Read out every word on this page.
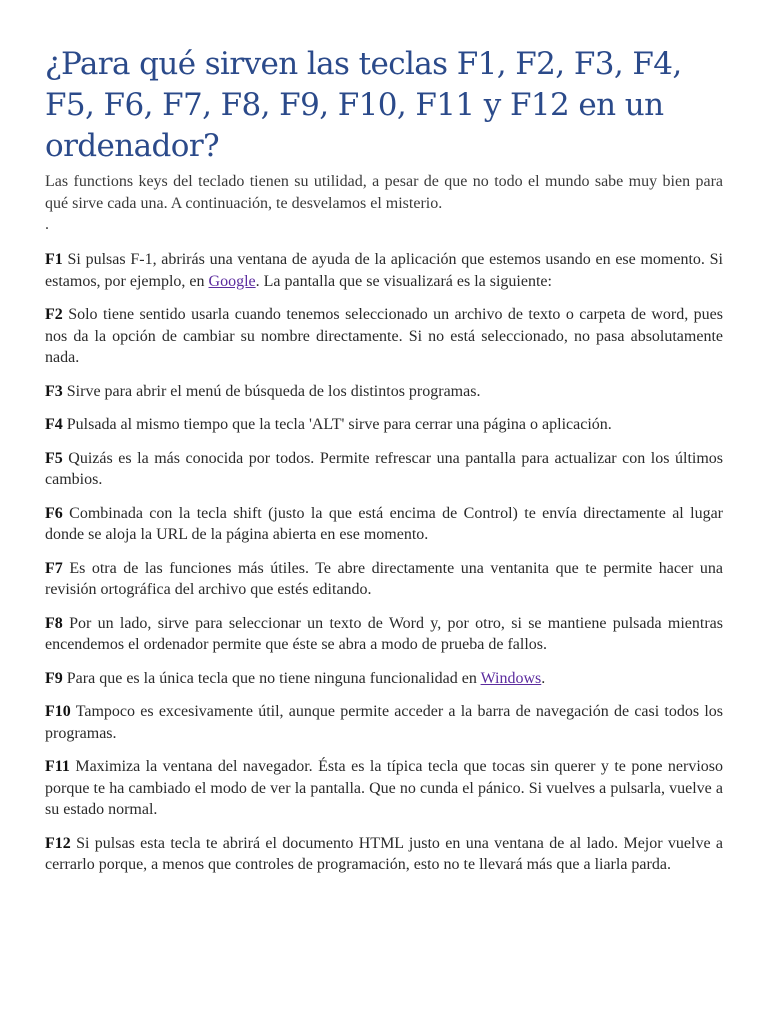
¿Para qué sirven las teclas F1, F2, F3, F4, F5, F6, F7, F8, F9, F10, F11 y F12 en un ordenador?

Las functions keys del teclado tienen su utilidad, a pesar de que no todo el mundo sabe muy bien para qué sirve cada una. A continuación, te desvelamos el misterio.

.

F1 Si pulsas F-1, abrirás una ventana de ayuda de la aplicación que estemos usando en ese momento. Si estamos, por ejemplo, en Google. La pantalla que se visualizará es la siguiente:

F2 Solo tiene sentido usarla cuando tenemos seleccionado un archivo de texto o carpeta de word, pues nos da la opción de cambiar su nombre directamente. Si no está seleccionado, no pasa absolutamente nada.

F3 Sirve para abrir el menú de búsqueda de los distintos programas.

F4 Pulsada al mismo tiempo que la tecla 'ALT' sirve para cerrar una página o aplicación.

F5 Quizás es la más conocida por todos. Permite refrescar una pantalla para actualizar con los últimos cambios.

F6 Combinada con la tecla shift (justo la que está encima de Control) te envía directamente al lugar donde se aloja la URL de la página abierta en ese momento.

F7 Es otra de las funciones más útiles. Te abre directamente una ventanita que te permite hacer una revisión ortográfica del archivo que estés editando.

F8 Por un lado, sirve para seleccionar un texto de Word y, por otro, si se mantiene pulsada mientras encendemos el ordenador permite que éste se abra a modo de prueba de fallos.

F9 Para que es la única tecla que no tiene ninguna funcionalidad en Windows.

F10 Tampoco es excesivamente útil, aunque permite acceder a la barra de navegación de casi todos los programas.

F11 Maximiza la ventana del navegador. Ésta es la típica tecla que tocas sin querer y te pone nervioso porque te ha cambiado el modo de ver la pantalla. Que no cunda el pánico. Si vuelves a pulsarla, vuelve a su estado normal.

F12 Si pulsas esta tecla te abrirá el documento HTML justo en una ventana de al lado. Mejor vuelve a cerrarlo porque, a menos que controles de programación, esto no te llevará más que a liarla parda.
